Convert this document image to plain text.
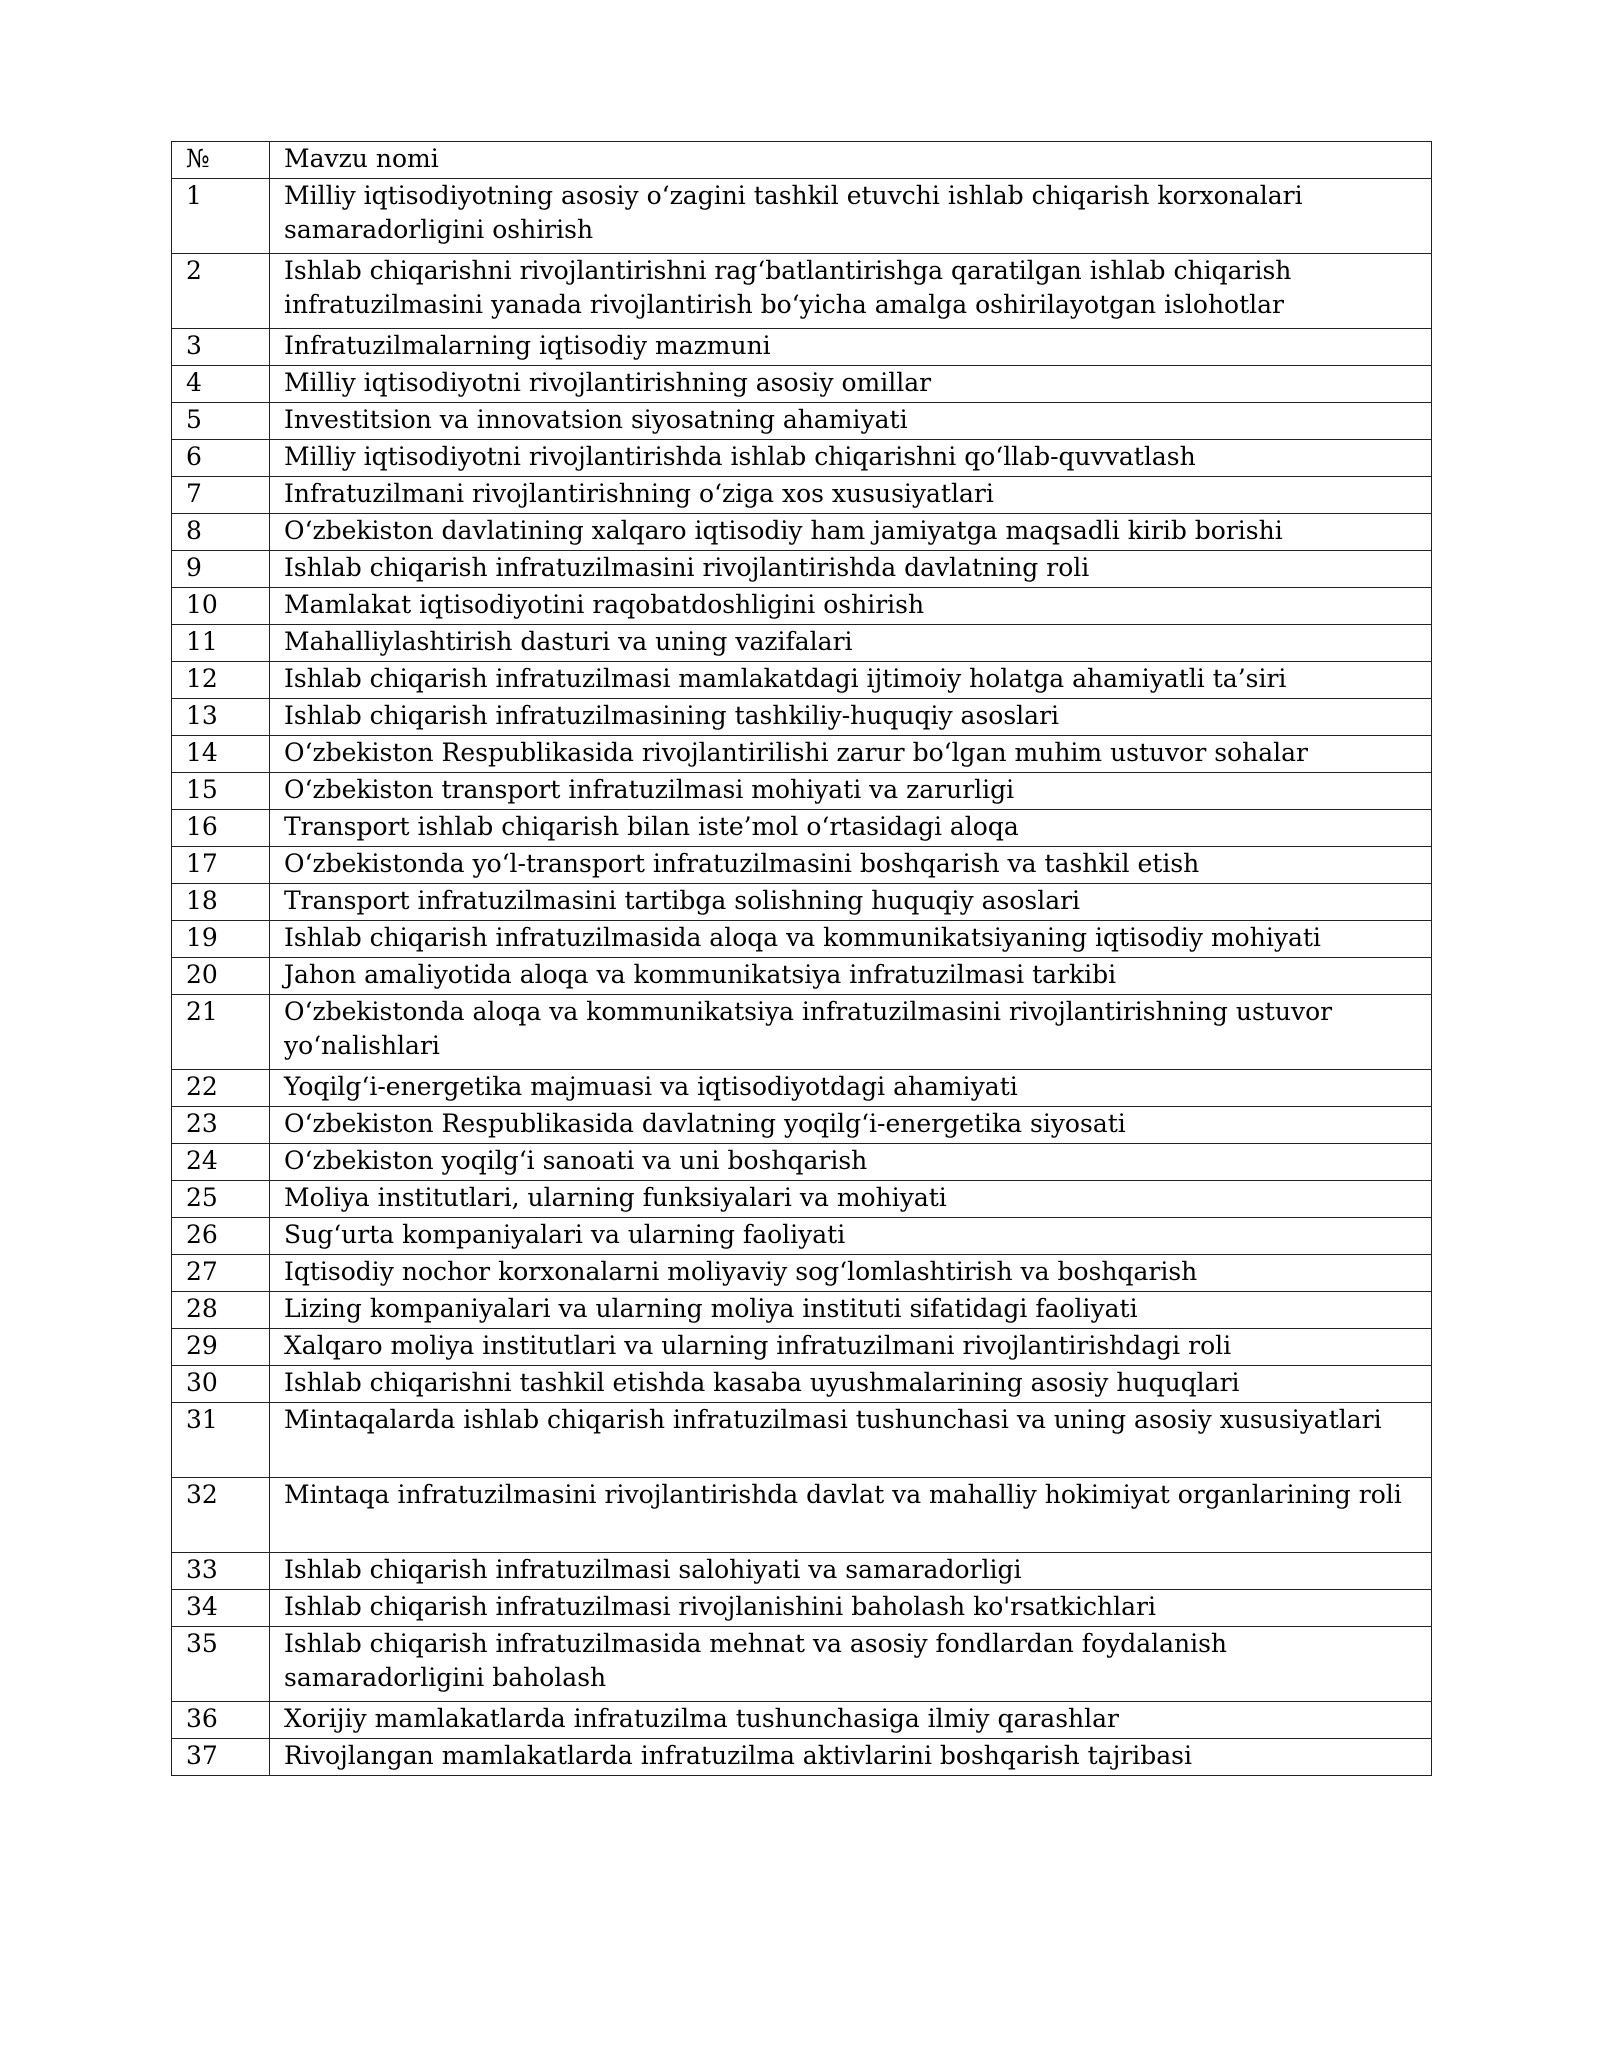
№	Mavzu nomi
1	Milliy iqtisodiyotning asosiy oʻzagini tashkil etuvchi ishlab chiqarish korxonalari samaradorligini oshirish
2	Ishlab chiqarishni rivojlantirishni ragʻbatlantirishga qaratilgan ishlab chiqarish infratuzilmasini yanada rivojlantirish boʻyicha amalga oshirilayotgan islohotlar
3	Infratuzilmalarning iqtisodiy mazmuni
4	Milliy iqtisodiyotni rivojlantirishning asosiy omillar
5	Investitsion va innovatsion siyosatning ahamiyati
6	Milliy iqtisodiyotni rivojlantirishda ishlab chiqarishni qoʻllab-quvvatlash
7	Infratuzilmani rivojlantirishning oʻziga xos xususiyatlari
8	Oʻzbekiston davlatining xalqaro iqtisodiy ham jamiyatga maqsadli kirib borishi
9	Ishlab chiqarish infratuzilmasini rivojlantirishda davlatning roli
10	Mamlakat iqtisodiyotini raqobatdoshligini oshirish
11	Mahalliylashtirish dasturi va uning vazifalari
12	Ishlab chiqarish infratuzilmasi mamlakatdagi ijtimoiy holatga ahamiyatli ta’siri
13	Ishlab chiqarish infratuzilmasining tashkiliy-huquqiy asoslari
14	Oʻzbekiston Respublikasida rivojlantirilishi zarur boʻlgan muhim ustuvor sohalar
15	Oʻzbekiston transport infratuzilmasi mohiyati va zarurligi
16	Transport ishlab chiqarish bilan iste’mol oʻrtasidagi aloqa
17	Oʻzbekistonda yoʻl-transport infratuzilmasini boshqarish va tashkil etish
18	Transport infratuzilmasini tartibga solishning huquqiy asoslari
19	Ishlab chiqarish infratuzilmasida aloqa va kommunikatsiyaning iqtisodiy mohiyati
20	Jahon amaliyotida aloqa va kommunikatsiya infratuzilmasi tarkibi
21	Oʻzbekistonda aloqa va kommunikatsiya infratuzilmasini rivojlantirishning ustuvor yoʻnalishlari
22	Yoqilgʻi-energetika majmuasi va iqtisodiyotdagi ahamiyati
23	Oʻzbekiston Respublikasida davlatning yoqilgʻi-energetika siyosati
24	Oʻzbekiston yoqilgʻi sanoati va uni boshqarish
25	Moliya institutlari, ularning funksiyalari va mohiyati
26	Sugʻurta kompaniyalari va ularning faoliyati
27	Iqtisodiy nochor korxonalarni moliyaviy sogʻlomlashtirish va boshqarish
28	Lizing kompaniyalari va ularning moliya instituti sifatidagi faoliyati
29	Xalqaro moliya institutlari va ularning infratuzilmani rivojlantirishdagi roli
30	Ishlab chiqarishni tashkil etishda kasaba uyushmalarining asosiy huquqlari
31	Mintaqalarda ishlab chiqarish infratuzilmasi tushunchasi va uning asosiy xususiyatlari
32	Mintaqa infratuzilmasini rivojlantirishda davlat va mahalliy hokimiyat organlarining roli
33	Ishlab chiqarish infratuzilmasi salohiyati va samaradorligi
34	Ishlab chiqarish infratuzilmasi rivojlanishini baholash ko'rsatkichlari
35	Ishlab chiqarish infratuzilmasida mehnat va asosiy fondlardan foydalanish samaradorligini baholash
36	Xorijiy mamlakatlarda infratuzilma tushunchasiga ilmiy qarashlar
37	Rivojlangan mamlakatlarda infratuzilma aktivlarini boshqarish tajribasi
